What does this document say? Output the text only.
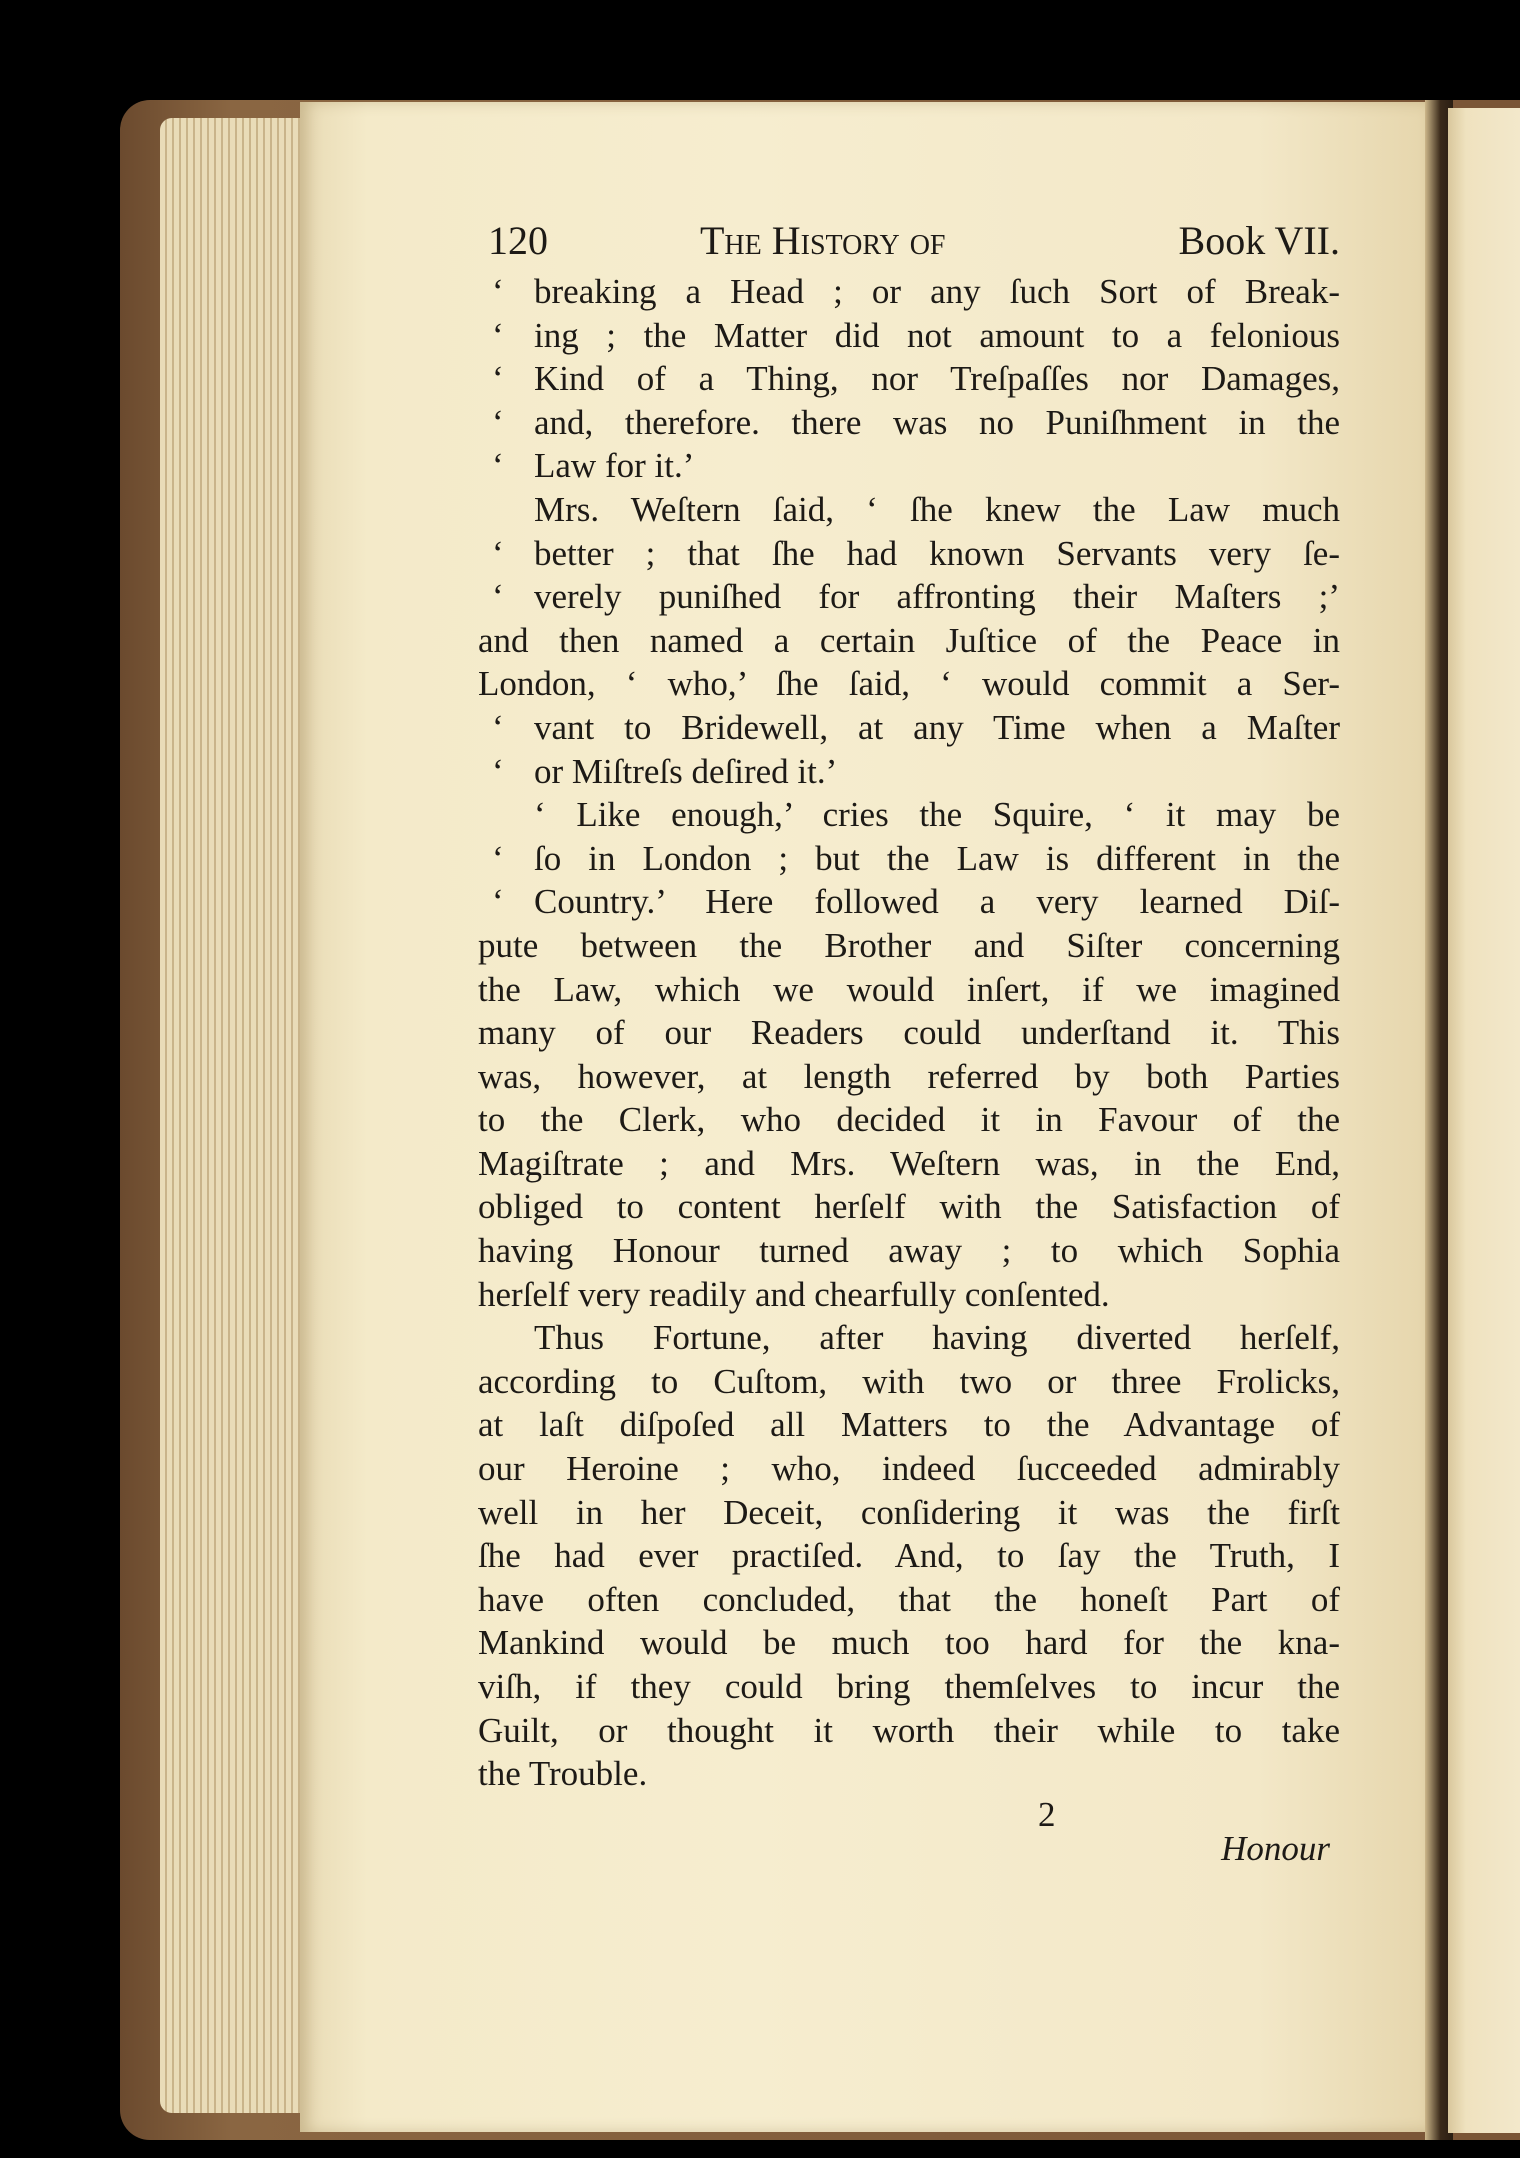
120	The History of	Book VII.
‘ breaking a Head ; or any ſuch Sort of Break-
‘ ing ; the Matter did not amount to a felonious
‘ Kind of a Thing, nor Treſpaſſes nor Damages,
‘ and, therefore. there was no Puniſhment in the
‘ Law for it.’
Mrs. Weſtern ſaid, ‘ ſhe knew the Law much
‘ better ; that ſhe had known Servants very ſe-
‘ verely puniſhed for affronting their Maſters ;’
and then named a certain Juſtice of the Peace in
London, ‘ who,’ ſhe ſaid, ‘ would commit a Ser-
‘ vant to Bridewell, at any Time when a Maſter
‘ or Miſtreſs deſired it.’
‘ Like enough,’ cries the Squire, ‘ it may be
‘ ſo in London ; but the Law is different in the
‘ Country.’ Here followed a very learned Diſ-
pute between the Brother and Siſter concerning
the Law, which we would inſert, if we imagined
many of our Readers could underſtand it. This
was, however, at length referred by both Parties
to the Clerk, who decided it in Favour of the
Magiſtrate ; and Mrs. Weſtern was, in the End,
obliged to content herſelf with the Satisfaction of
having Honour turned away ; to which Sophia
herſelf very readily and chearfully conſented.
Thus Fortune, after having diverted herſelf,
according to Cuſtom, with two or three Frolicks,
at laſt diſpoſed all Matters to the Advantage of
our Heroine ; who, indeed ſucceeded admirably
well in her Deceit, conſidering it was the firſt
ſhe had ever practiſed. And, to ſay the Truth, I
have often concluded, that the honeſt Part of
Mankind would be much too hard for the kna-
viſh, if they could bring themſelves to incur the
Guilt, or thought it worth their while to take
the Trouble.
2
Honour
